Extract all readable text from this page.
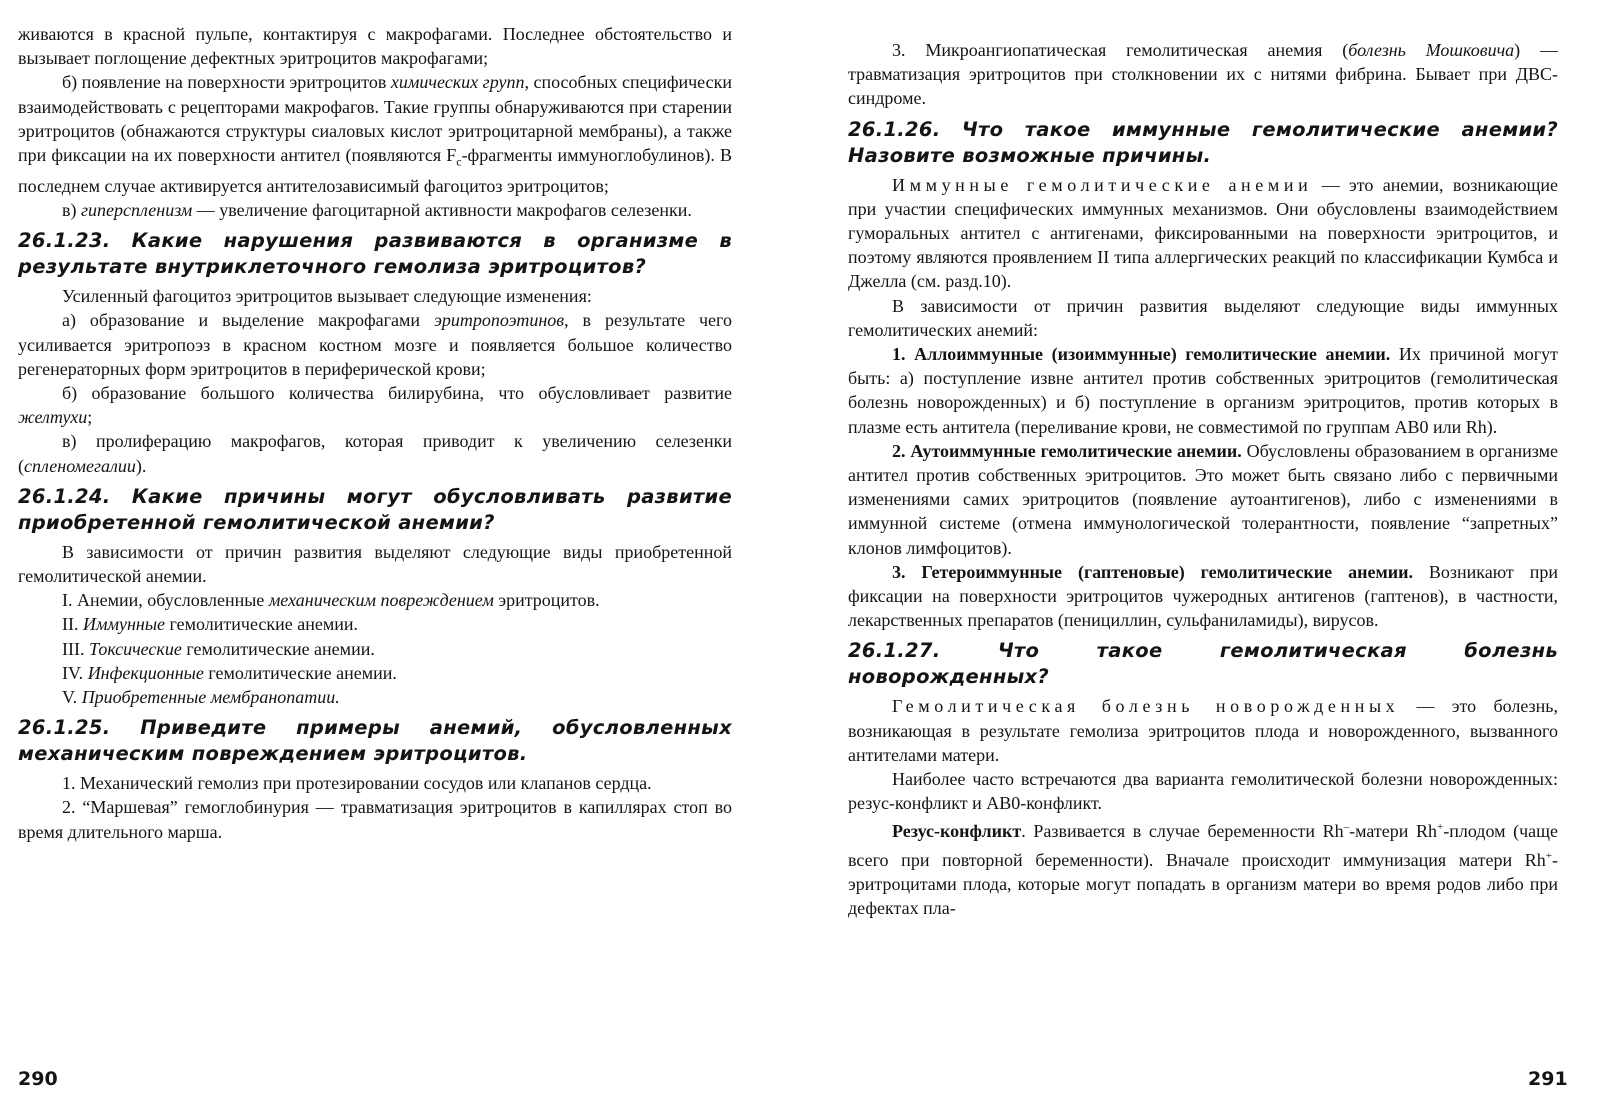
живаются в красной пульпе, контактируя с макрофагами. Последнее обстоятельство и вызывает поглощение дефектных эритроцитов макрофагами;

б) появление на поверхности эритроцитов химических групп, способных специфически взаимодействовать с рецепторами макрофагов. Такие группы обнаруживаются при старении эритроцитов (обнажаются структуры сиаловых кислот эритроцитарной мембраны), а также при фиксации на их поверхности антител (появляются $F_c$-фрагменты иммуноглобулинов). В последнем случае активируется антителозависимый фагоцитоз эритроцитов;

в) гиперспленизм — увеличение фагоцитарной активности макрофагов селезенки.

26.1.23. Какие нарушения развиваются в организме в результате внутриклеточного гемолиза эритроцитов?

Усиленный фагоцитоз эритроцитов вызывает следующие изменения:

а) образование и выделение макрофагами эритропоэтинов, в результате чего усиливается эритропоэз в красном костном мозге и появляется большое количество регенераторных форм эритроцитов в периферической крови;

б) образование большого количества билирубина, что обусловливает развитие желтухи;

в) пролиферацию макрофагов, которая приводит к увеличению селезенки (спленомегалии).

26.1.24. Какие причины могут обусловливать развитие приобретенной гемолитической анемии?

В зависимости от причин развития выделяют следующие виды приобретенной гемолитической анемии.

I. Анемии, обусловленные механическим повреждением эритроцитов.

II. Иммунные гемолитические анемии.

III. Токсические гемолитические анемии.

IV. Инфекционные гемолитические анемии.

V. Приобретенные мембранопатии.

26.1.25. Приведите примеры анемий, обусловленных механическим повреждением эритроцитов.

1. Механический гемолиз при протезировании сосудов или клапанов сердца.

2. “Маршевая” гемоглобинурия — травматизация эритроцитов в капиллярах стоп во время длительного марша.

290

3. Микроангиопатическая гемолитическая анемия (болезнь Мошковича) — травматизация эритроцитов при столкновении их с нитями фибрина. Бывает при ДВС-синдроме.

26.1.26. Что такое иммунные гемолитические анемии? Назовите возможные причины.

Иммунные гемолитические анемии — это анемии, возникающие при участии специфических иммунных механизмов. Они обусловлены взаимодействием гуморальных антител с антигенами, фиксированными на поверхности эритроцитов, и поэтому являются проявлением II типа аллергических реакций по классификации Кумбса и Джелла (см. разд.10).

В зависимости от причин развития выделяют следующие виды иммунных гемолитических анемий:

1. Аллоиммунные (изоиммунные) гемолитические анемии. Их причиной могут быть: а) поступление извне антител против собственных эритроцитов (гемолитическая болезнь новорожденных) и б) поступление в организм эритроцитов, против которых в плазме есть антитела (переливание крови, не совместимой по группам АВ0 или Rh).

2. Аутоиммунные гемолитические анемии. Обусловлены образованием в организме антител против собственных эритроцитов. Это может быть связано либо с первичными изменениями самих эритроцитов (появление аутоантигенов), либо с изменениями в иммунной системе (отмена иммунологической толерантности, появление “запретных” клонов лимфоцитов).

3. Гетероиммунные (гаптеновые) гемолитические анемии. Возникают при фиксации на поверхности эритроцитов чужеродных антигенов (гаптенов), в частности, лекарственных препаратов (пенициллин, сульфаниламиды), вирусов.

26.1.27. Что такое гемолитическая болезнь новорожденных?

Гемолитическая болезнь новорожденных — это болезнь, возникающая в результате гемолиза эритроцитов плода и новорожденного, вызванного антителами матери.

Наиболее часто встречаются два варианта гемолитической болезни новорожденных: резус-конфликт и АВ0-конфликт.

Резус-конфликт. Развивается в случае беременности Rh–-матери Rh+-плодом (чаще всего при повторной беременности). Вначале происходит иммунизация матери Rh+-эритроцитами плода, которые могут попадать в организм матери во время родов либо при дефектах пла-

291
